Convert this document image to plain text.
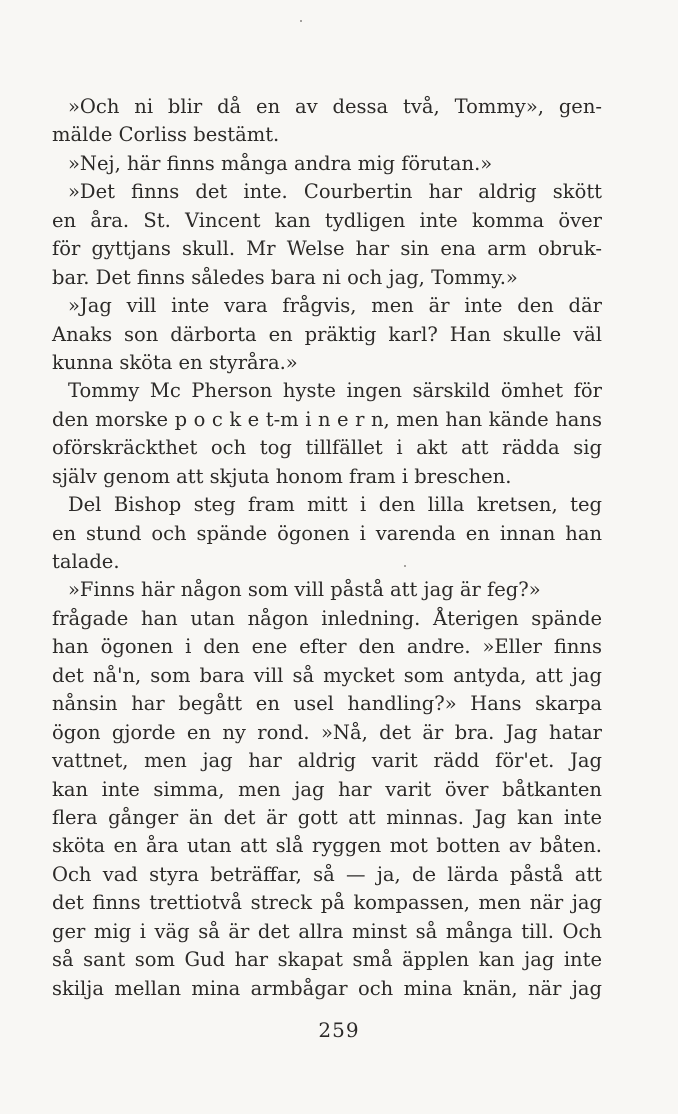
»Och ni blir då en av dessa två, Tommy», gen-
mälde Corliss bestämt.
»Nej, här finns många andra mig förutan.»
»Det finns det inte. Courbertin har aldrig skött
en åra. St. Vincent kan tydligen inte komma över
för gyttjans skull. Mr Welse har sin ena arm obruk-
bar. Det finns således bara ni och jag, Tommy.»
»Jag vill inte vara frågvis, men är inte den där
Anaks son därborta en präktig karl? Han skulle väl
kunna sköta en styråra.»
Tommy Mc Pherson hyste ingen särskild ömhet för
den morske p o c k e t-m i n e r n, men han kände hans
oförskräckthet och tog tillfället i akt att rädda sig
själv genom att skjuta honom fram i breschen.
Del Bishop steg fram mitt i den lilla kretsen, teg
en stund och spände ögonen i varenda en innan han
talade.
»Finns här någon som vill påstå att jag är feg?»
frågade han utan någon inledning. Återigen spände
han ögonen i den ene efter den andre. »Eller finns
det nå'n, som bara vill så mycket som antyda, att jag
nånsin har begått en usel handling?» Hans skarpa
ögon gjorde en ny rond. »Nå, det är bra. Jag hatar
vattnet, men jag har aldrig varit rädd för'et. Jag
kan inte simma, men jag har varit över båtkanten
flera gånger än det är gott att minnas. Jag kan inte
sköta en åra utan att slå ryggen mot botten av båten.
Och vad styra beträffar, så — ja, de lärda påstå att
det finns trettiotvå streck på kompassen, men när jag
ger mig i väg så är det allra minst så många till. Och
så sant som Gud har skapat små äpplen kan jag inte
skilja mellan mina armbågar och mina knän, när jag
259
